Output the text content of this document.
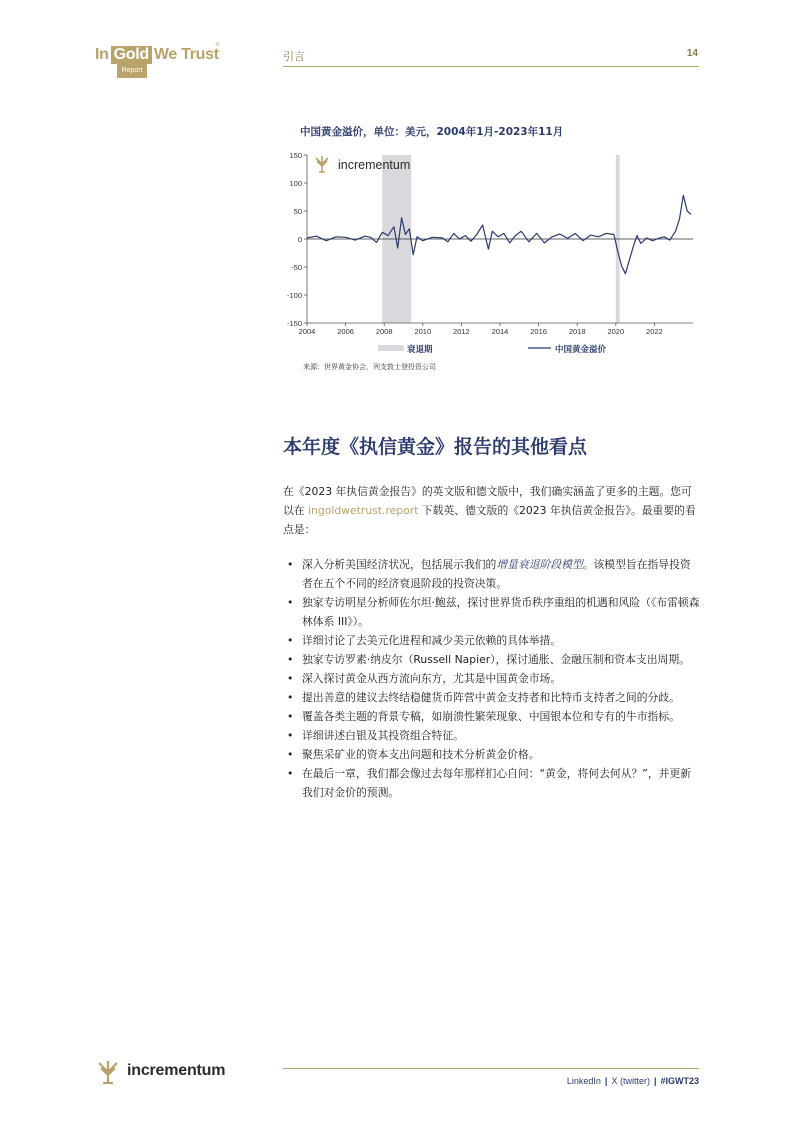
In Gold We Trust
Report
®
引言	14
中国黄金溢价，单位：美元，2004年1月-2023年11月
150
100
50
0
-50
-100
-150
2004	2006	2008	2010	2012	2014	2016	2018	2020	2022
incrementum
衰退期	中国黄金溢价
来源：世界黄金协会，列支敦士登投资公司
本年度《执信黄金》报告的其他看点
在《2023 年执信黄金报告》的英文版和德文版中，我们确实涵盖了更多的主题。您可以在 ingoldwetrust.report 下载英、德文版的《2023 年执信黄金报告》。最重要的看点是：
• 深入分析美国经济状况，包括展示我们的增量衰退阶段模型。该模型旨在指导投资者在五个不同的经济衰退阶段的投资决策。
• 独家专访明星分析师佐尔坦·鲍兹，探讨世界货币秩序重组的机遇和风险（《布雷顿森林体系 III》）。
• 详细讨论了去美元化进程和减少美元依赖的具体举措。
• 独家专访罗素·纳皮尔（Russell Napier），探讨通胀、金融压制和资本支出周期。
• 深入探讨黄金从西方流向东方，尤其是中国黄金市场。
• 提出善意的建议去终结稳健货币阵营中黄金支持者和比特币支持者之间的分歧。
• 覆盖各类主题的背景专稿，如崩溃性繁荣现象、中国银本位和专有的牛市指标。
• 详细讲述白银及其投资组合特征。
• 聚焦采矿业的资本支出问题和技术分析黄金价格。
• 在最后一章，我们都会像过去每年那样扪心自问：“黄金，将何去何从？”，并更新我们对金价的预测。
incrementum
LinkedIn | X (twitter) | #IGWT23
